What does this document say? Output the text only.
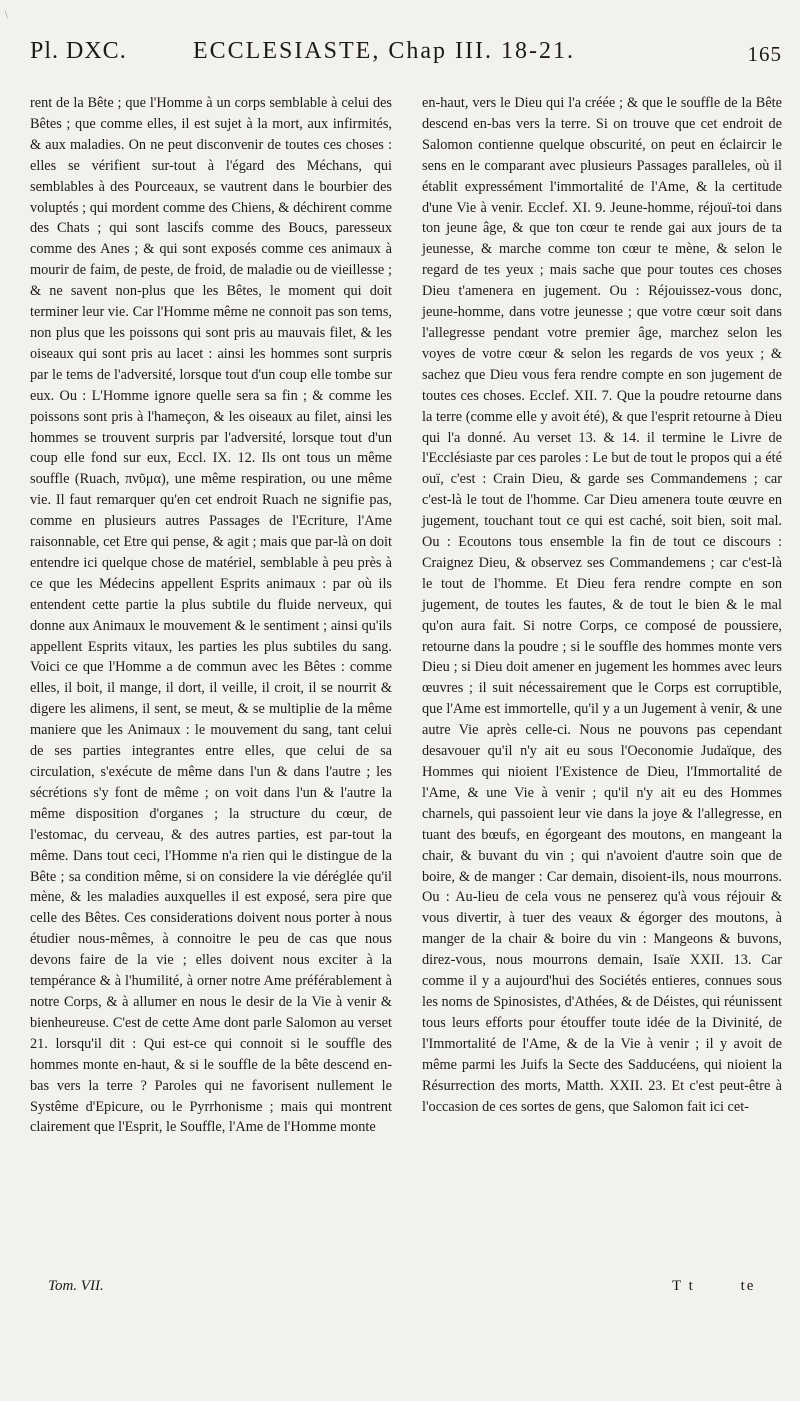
\
Pl. DXC.	ECCLESIASTE, Chap III. 18-21.	165

rent de la Bête ; que l'Homme à un corps semblable à celui des Bêtes ; que comme elles, il est sujet à la mort, aux infirmités, & aux maladies. On ne peut disconvenir de toutes ces choses : elles se vérifient sur-tout à l'égard des Méchans, qui semblables à des Pourceaux, se vautrent dans le bourbier des voluptés ; qui mordent comme des Chiens, & déchirent comme des Chats ; qui sont lascifs comme des Boucs, paresseux comme des Anes ; & qui sont exposés comme ces animaux à mourir de faim, de peste, de froid, de maladie ou de vieillesse ; & ne savent non-plus que les Bêtes, le moment qui doit terminer leur vie. Car l'Homme même ne connoit pas son tems, non plus que les poissons qui sont pris au mauvais filet, & les oiseaux qui sont pris au lacet : ainsi les hommes sont surpris par le tems de l'adversité, lorsque tout d'un coup elle tombe sur eux. Ou : L'Homme ignore quelle sera sa fin ; & comme les poissons sont pris à l'hameçon, & les oiseaux au filet, ainsi les hommes se trouvent surpris par l'adversité, lorsque tout d'un coup elle fond sur eux, Eccl. IX. 12. Ils ont tous un même souffle (Ruach, πνῦμα), une même respiration, ou une même vie. Il faut remarquer qu'en cet endroit Ruach ne signifie pas, comme en plusieurs autres Passages de l'Ecriture, l'Ame raisonnable, cet Etre qui pense, & agit ; mais que par-là on doit entendre ici quelque chose de matériel, semblable à peu près à ce que les Médecins appellent Esprits animaux : par où ils entendent cette partie la plus subtile du fluide nerveux, qui donne aux Animaux le mouvement & le sentiment ; ainsi qu'ils appellent Esprits vitaux, les parties les plus subtiles du sang. Voici ce que l'Homme a de commun avec les Bêtes : comme elles, il boit, il mange, il dort, il veille, il croit, il se nourrit & digere les alimens, il sent, se meut, & se multiplie de la même maniere que les Animaux : le mouvement du sang, tant celui de ses parties integrantes entre elles, que celui de sa circulation, s'exécute de même dans l'un & dans l'autre ; les sécrétions s'y font de même ; on voit dans l'un & l'autre la même disposition d'organes ; la structure du cœur, de l'estomac, du cerveau, & des autres parties, est par-tout la même. Dans tout ceci, l'Homme n'a rien qui le distingue de la Bête ; sa condition même, si on considere la vie déréglée qu'il mène, & les maladies auxquelles il est exposé, sera pire que celle des Bêtes. Ces considerations doivent nous porter à nous étudier nous-mêmes, à connoitre le peu de cas que nous devons faire de la vie ; elles doivent nous exciter à la tempérance & à l'humilité, à orner notre Ame préférablement à notre Corps, & à allumer en nous le desir de la Vie à venir & bienheureuse. C'est de cette Ame dont parle Salomon au verset 21. lorsqu'il dit : Qui est-ce qui connoit si le souffle des hommes monte en-haut, & si le souffle de la bête descend en-bas vers la terre ? Paroles qui ne favorisent nullement le Systême d'Epicure, ou le Pyrrhonisme ; mais qui montrent clairement que l'Esprit, le Souffle, l'Ame de l'Homme monte

en-haut, vers le Dieu qui l'a créée ; & que le souffle de la Bête descend en-bas vers la terre. Si on trouve que cet endroit de Salomon contienne quelque obscurité, on peut en éclaircir le sens en le comparant avec plusieurs Passages paralleles, où il établit expressément l'immortalité de l'Ame, & la certitude d'une Vie à venir. Ecclef. XI. 9. Jeune-homme, réjouï-toi dans ton jeune âge, & que ton cœur te rende gai aux jours de ta jeunesse, & marche comme ton cœur te mène, & selon le regard de tes yeux ; mais sache que pour toutes ces choses Dieu t'amenera en jugement. Ou : Réjouissez-vous donc, jeune-homme, dans votre jeunesse ; que votre cœur soit dans l'allegresse pendant votre premier âge, marchez selon les voyes de votre cœur & selon les regards de vos yeux ; & sachez que Dieu vous fera rendre compte en son jugement de toutes ces choses. Ecclef. XII. 7. Que la poudre retourne dans la terre (comme elle y avoit été), & que l'esprit retourne à Dieu qui l'a donné. Au verset 13. & 14. il termine le Livre de l'Ecclésiaste par ces paroles : Le but de tout le propos qui a été ouï, c'est : Crain Dieu, & garde ses Commandemens ; car c'est-là le tout de l'homme. Car Dieu amenera toute œuvre en jugement, touchant tout ce qui est caché, soit bien, soit mal. Ou : Ecoutons tous ensemble la fin de tout ce discours : Craignez Dieu, & observez ses Commandemens ; car c'est-là le tout de l'homme. Et Dieu fera rendre compte en son jugement, de toutes les fautes, & de tout le bien & le mal qu'on aura fait. Si notre Corps, ce composé de poussiere, retourne dans la poudre ; si le souffle des hommes monte vers Dieu ; si Dieu doit amener en jugement les hommes avec leurs œuvres ; il suit nécessairement que le Corps est corruptible, que l'Ame est immortelle, qu'il y a un Jugement à venir, & une autre Vie après celle-ci. Nous ne pouvons pas cependant desavouer qu'il n'y ait eu sous l'Oeconomie Judaïque, des Hommes qui nioient l'Existence de Dieu, l'Immortalité de l'Ame, & une Vie à venir ; qu'il n'y ait eu des Hommes charnels, qui passoient leur vie dans la joye & l'allegresse, en tuant des bœufs, en égorgeant des moutons, en mangeant la chair, & buvant du vin ; qui n'avoient d'autre soin que de boire, & de manger : Car demain, disoient-ils, nous mourrons. Ou : Au-lieu de cela vous ne penserez qu'à vous réjouir & vous divertir, à tuer des veaux & égorger des moutons, à manger de la chair & boire du vin : Mangeons & buvons, direz-vous, nous mourrons demain, Isaïe XXII. 13. Car comme il y a aujourd'hui des Sociétés entieres, connues sous les noms de Spinosistes, d'Athées, & de Déistes, qui réunissent tous leurs efforts pour étouffer toute idée de la Divinité, de l'Immortalité de l'Ame, & de la Vie à venir ; il y avoit de même parmi les Juifs la Secte des Sadducéens, qui nioient la Résurrection des morts, Matth. XXII. 23. Et c'est peut-être à l'occasion de ces sortes de gens, que Salomon fait ici cet-

Tom. VII.	T t	te
